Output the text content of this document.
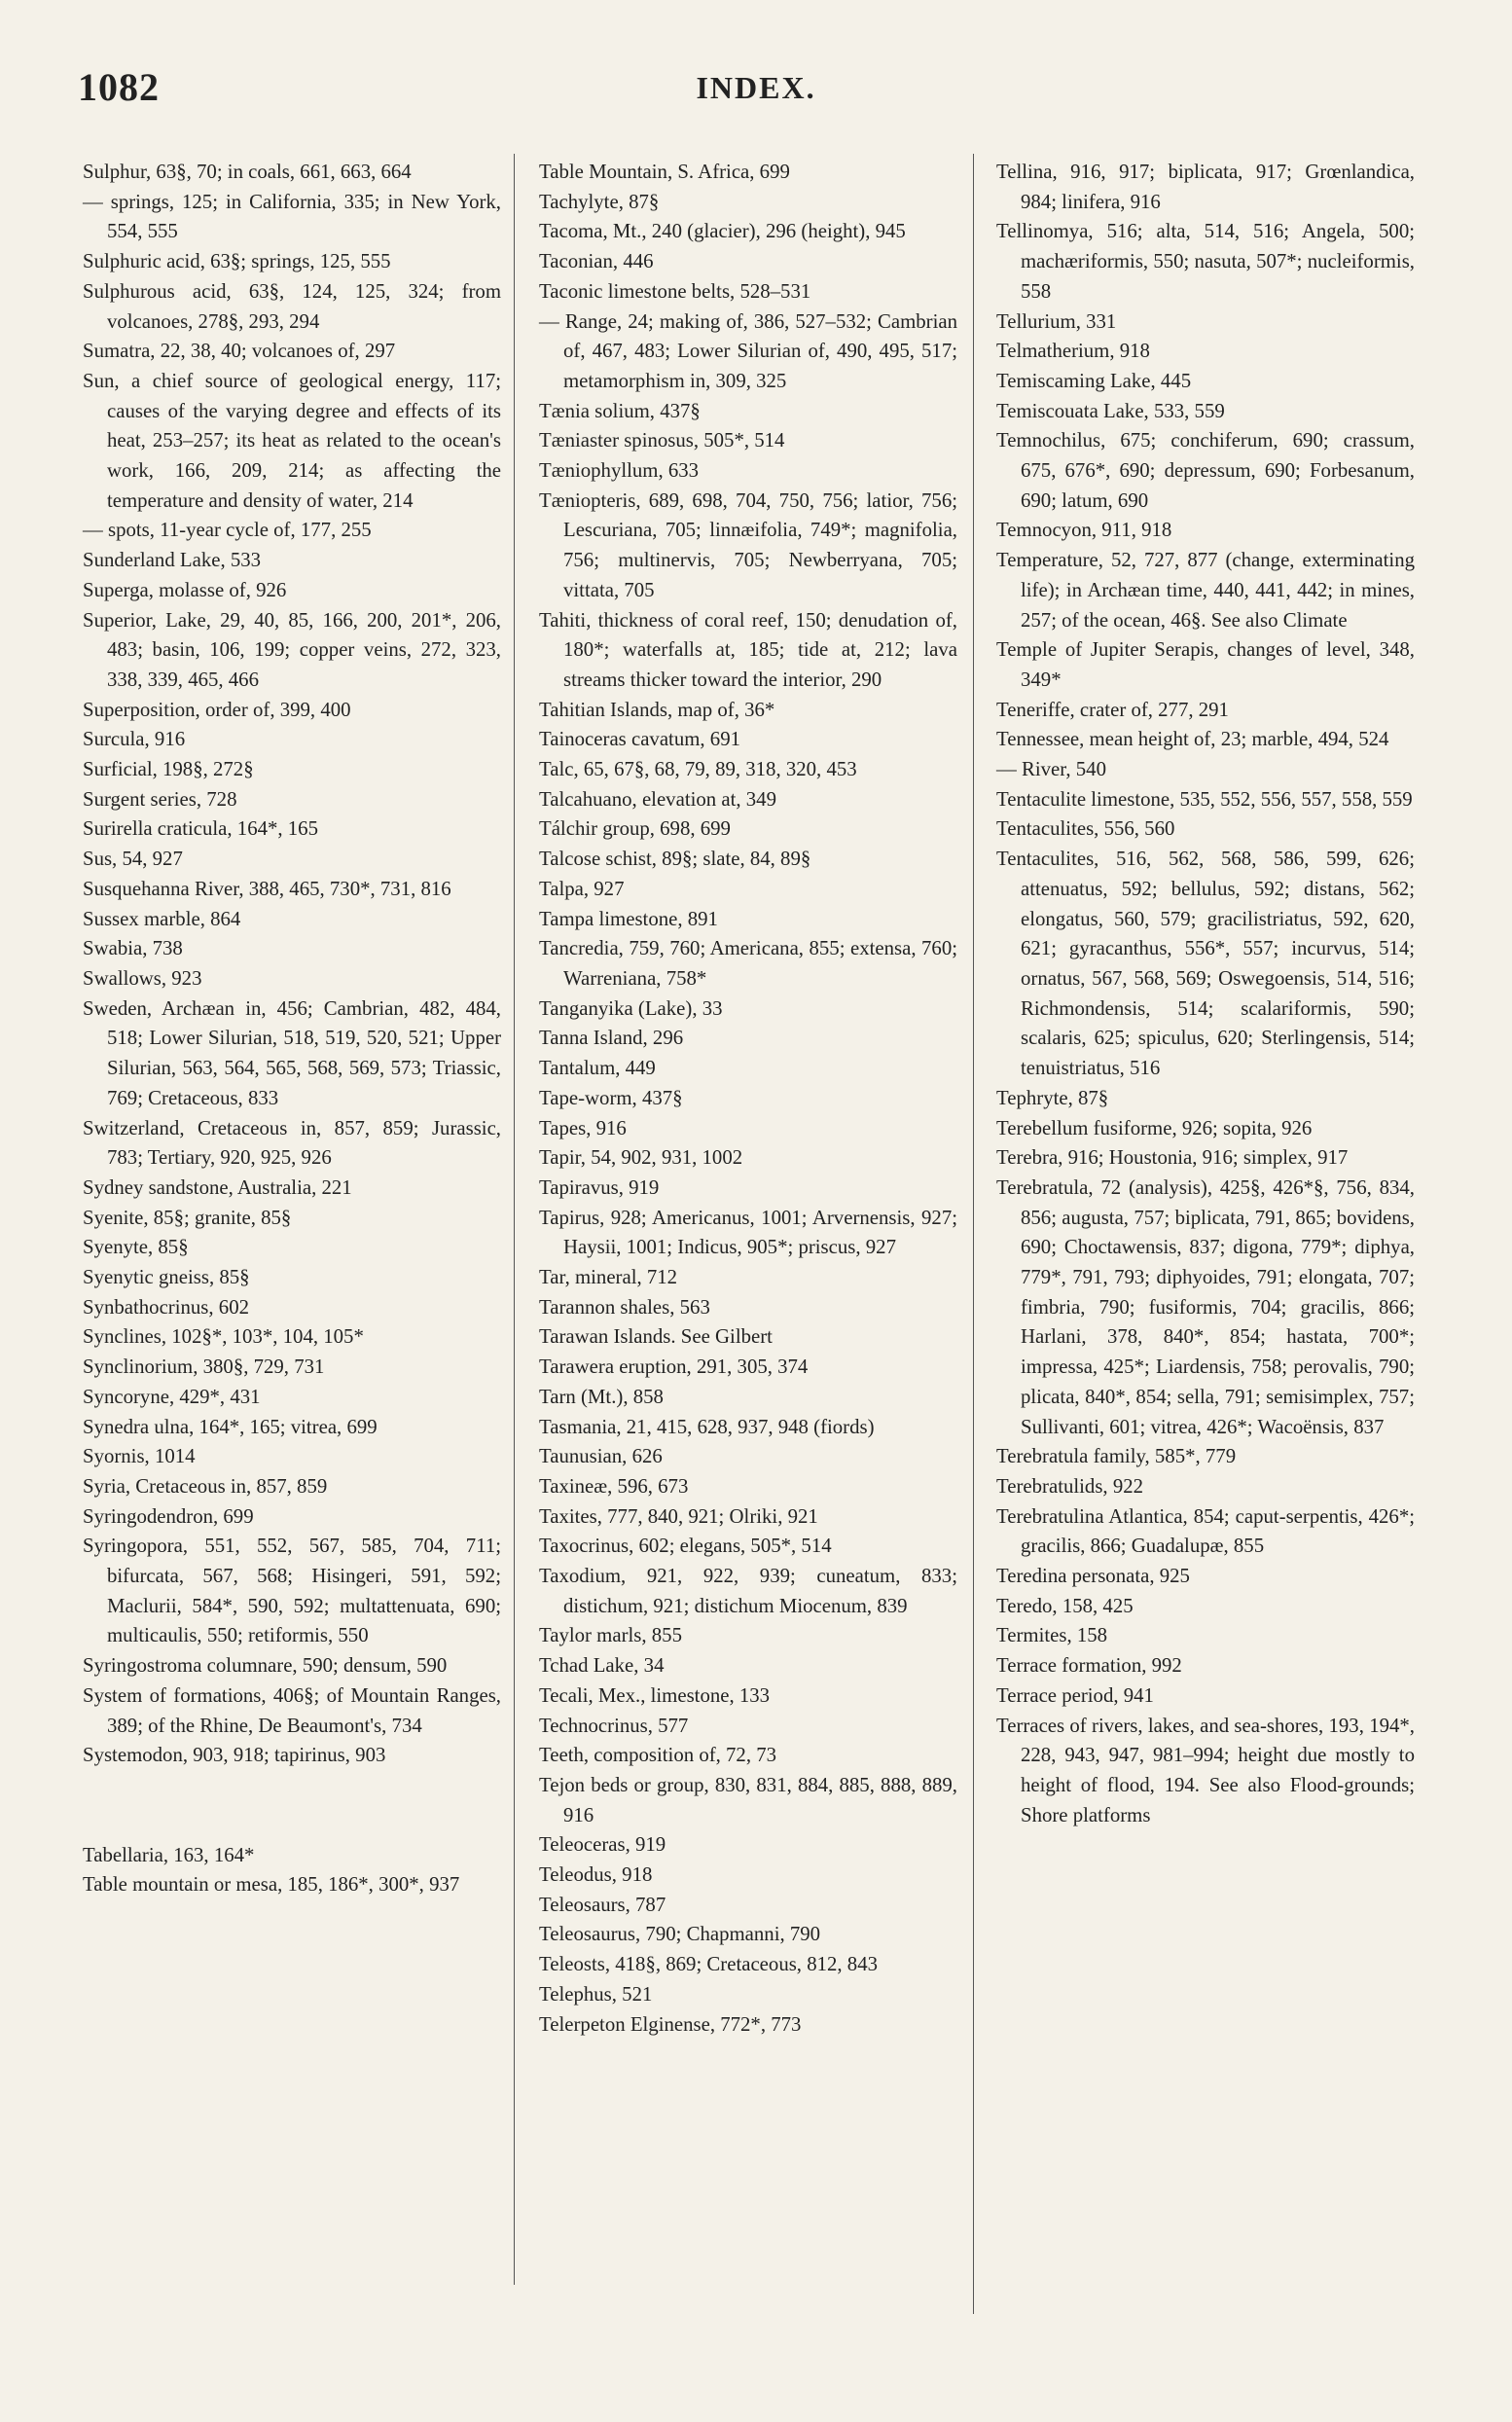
1082	INDEX.

Sulphur, 63§, 70; in coals, 661, 663, 664

— springs, 125; in California, 335; in New York, 554, 555

Sulphuric acid, 63§; springs, 125, 555

Sulphurous acid, 63§, 124, 125, 324; from volcanoes, 278§, 293, 294

Sumatra, 22, 38, 40; volcanoes of, 297

Sun, a chief source of geological energy, 117; causes of the varying degree and effects of its heat, 253–257; its heat as related to the ocean's work, 166, 209, 214; as affecting the temperature and density of water, 214

— spots, 11-year cycle of, 177, 255

Sunderland Lake, 533

Superga, molasse of, 926

Superior, Lake, 29, 40, 85, 166, 200, 201*, 206, 483; basin, 106, 199; copper veins, 272, 323, 338, 339, 465, 466

Superposition, order of, 399, 400

Surcula, 916

Surficial, 198§, 272§

Surgent series, 728

Surirella craticula, 164*, 165

Sus, 54, 927

Susquehanna River, 388, 465, 730*, 731, 816

Sussex marble, 864

Swabia, 738

Swallows, 923

Sweden, Archæan in, 456; Cambrian, 482, 484, 518; Lower Silurian, 518, 519, 520, 521; Upper Silurian, 563, 564, 565, 568, 569, 573; Triassic, 769; Cretaceous, 833

Switzerland, Cretaceous in, 857, 859; Jurassic, 783; Tertiary, 920, 925, 926

Sydney sandstone, Australia, 221

Syenite, 85§; granite, 85§

Syenyte, 85§

Syenytic gneiss, 85§

Synbathocrinus, 602

Synclines, 102§*, 103*, 104, 105*

Synclinorium, 380§, 729, 731

Syncoryne, 429*, 431

Synedra ulna, 164*, 165; vitrea, 699

Syornis, 1014

Syria, Cretaceous in, 857, 859

Syringodendron, 699

Syringopora, 551, 552, 567, 585, 704, 711; bifurcata, 567, 568; Hisingeri, 591, 592; Maclurii, 584*, 590, 592; multattenuata, 690; multicaulis, 550; retiformis, 550

Syringostroma columnare, 590; densum, 590

System of formations, 406§; of Mountain Ranges, 389; of the Rhine, De Beaumont's, 734

Systemodon, 903, 918; tapirinus, 903

Tabellaria, 163, 164*

Table mountain or mesa, 185, 186*, 300*, 937

Table Mountain, S. Africa, 699

Tachylyte, 87§

Tacoma, Mt., 240 (glacier), 296 (height), 945

Taconian, 446

Taconic limestone belts, 528–531

— Range, 24; making of, 386, 527–532; Cambrian of, 467, 483; Lower Silurian of, 490, 495, 517; metamorphism in, 309, 325

Tænia solium, 437§

Tæniaster spinosus, 505*, 514

Tæniophyllum, 633

Tæniopteris, 689, 698, 704, 750, 756; latior, 756; Lescuriana, 705; linnæifolia, 749*; magnifolia, 756; multinervis, 705; Newberryana, 705; vittata, 705

Tahiti, thickness of coral reef, 150; denudation of, 180*; waterfalls at, 185; tide at, 212; lava streams thicker toward the interior, 290

Tahitian Islands, map of, 36*

Tainoceras cavatum, 691

Talc, 65, 67§, 68, 79, 89, 318, 320, 453

Talcahuano, elevation at, 349

Tálchir group, 698, 699

Talcose schist, 89§; slate, 84, 89§

Talpa, 927

Tampa limestone, 891

Tancredia, 759, 760; Americana, 855; extensa, 760; Warreniana, 758*

Tanganyika (Lake), 33

Tanna Island, 296

Tantalum, 449

Tape-worm, 437§

Tapes, 916

Tapir, 54, 902, 931, 1002

Tapiravus, 919

Tapirus, 928; Americanus, 1001; Arvernensis, 927; Haysii, 1001; Indicus, 905*; priscus, 927

Tar, mineral, 712

Tarannon shales, 563

Tarawan Islands. See Gilbert

Tarawera eruption, 291, 305, 374

Tarn (Mt.), 858

Tasmania, 21, 415, 628, 937, 948 (fiords)

Taunusian, 626

Taxineæ, 596, 673

Taxites, 777, 840, 921; Olriki, 921

Taxocrinus, 602; elegans, 505*, 514

Taxodium, 921, 922, 939; cuneatum, 833; distichum, 921; distichum Miocenum, 839

Taylor marls, 855

Tchad Lake, 34

Tecali, Mex., limestone, 133

Technocrinus, 577

Teeth, composition of, 72, 73

Tejon beds or group, 830, 831, 884, 885, 888, 889, 916

Teleoceras, 919

Teleodus, 918

Teleosaurs, 787

Teleosaurus, 790; Chapmanni, 790

Teleosts, 418§, 869; Cretaceous, 812, 843

Telephus, 521

Telerpeton Elginense, 772*, 773

Tellina, 916, 917; biplicata, 917; Grœnlandica, 984; linifera, 916

Tellinomya, 516; alta, 514, 516; Angela, 500; machæriformis, 550; nasuta, 507*; nucleiformis, 558

Tellurium, 331

Telmatherium, 918

Temiscaming Lake, 445

Temiscouata Lake, 533, 559

Temnochilus, 675; conchiferum, 690; crassum, 675, 676*, 690; depressum, 690; Forbesanum, 690; latum, 690

Temnocyon, 911, 918

Temperature, 52, 727, 877 (change, exterminating life); in Archæan time, 440, 441, 442; in mines, 257; of the ocean, 46§. See also Climate

Temple of Jupiter Serapis, changes of level, 348, 349*

Teneriffe, crater of, 277, 291

Tennessee, mean height of, 23; marble, 494, 524

— River, 540

Tentaculite limestone, 535, 552, 556, 557, 558, 559

Tentaculites, 556, 560

Tentaculites, 516, 562, 568, 586, 599, 626; attenuatus, 592; bellulus, 592; distans, 562; elongatus, 560, 579; gracilistriatus, 592, 620, 621; gyracanthus, 556*, 557; incurvus, 514; ornatus, 567, 568, 569; Oswegoensis, 514, 516; Richmondensis, 514; scalariformis, 590; scalaris, 625; spiculus, 620; Sterlingensis, 514; tenuistriatus, 516

Tephryte, 87§

Terebellum fusiforme, 926; sopita, 926

Terebra, 916; Houstonia, 916; simplex, 917

Terebratula, 72 (analysis), 425§, 426*§, 756, 834, 856; augusta, 757; biplicata, 791, 865; bovidens, 690; Choctawensis, 837; digona, 779*; diphya, 779*, 791, 793; diphyoides, 791; elongata, 707; fimbria, 790; fusiformis, 704; gracilis, 866; Harlani, 378, 840*, 854; hastata, 700*; impressa, 425*; Liardensis, 758; perovalis, 790; plicata, 840*, 854; sella, 791; semisimplex, 757; Sullivanti, 601; vitrea, 426*; Wacoënsis, 837

Terebratula family, 585*, 779

Terebratulids, 922

Terebratulina Atlantica, 854; caput-serpentis, 426*; gracilis, 866; Guadalupæ, 855

Teredina personata, 925

Teredo, 158, 425

Termites, 158

Terrace formation, 992

Terrace period, 941

Terraces of rivers, lakes, and sea-shores, 193, 194*, 228, 943, 947, 981–994; height due mostly to height of flood, 194. See also Flood-grounds; Shore platforms
